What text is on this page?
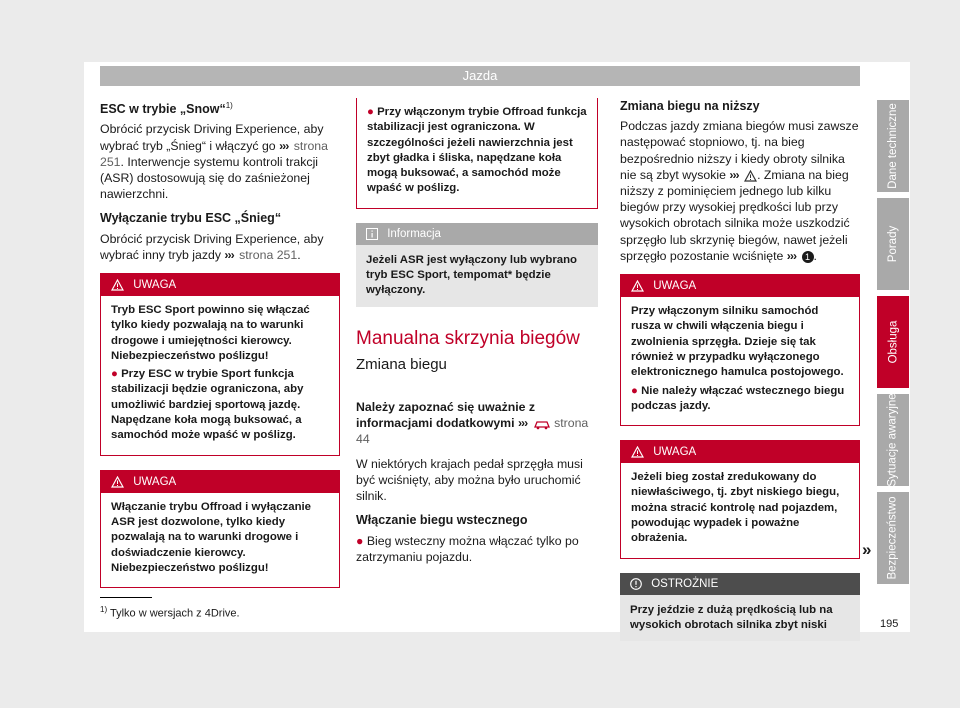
Jazda
ESC w trybie „Snow“$^{1)}$

Obrócić przycisk Driving Experience, aby wybrać tryb „Śnieg“ i włączyć go ››› strona 251. Interwencje systemu kontroli trakcji (ASR) dostosowują się do zaśnieżonej nawierzchni.

Wyłączanie trybu ESC „Śnieg“

Obrócić przycisk Driving Experience, aby wybrać inny tryb jazdy ››› strona 251.

UWAGA

Tryb ESC Sport powinno się włączać tylko kiedy pozwalają na to warunki drogowe i umiejętności kierowcy. Niebezpieczeństwo poślizgu!

● Przy ESC w trybie Sport funkcja stabilizacji będzie ograniczona, aby umożliwić bardziej sportową jazdę. Napędzane koła mogą buksować, a samochód może wpaść w poślizg.

UWAGA

Włączanie trybu Offroad i wyłączanie ASR jest dozwolone, tylko kiedy pozwalają na to warunki drogowe i doświadczenie kierowcy. Niebezpieczeństwo poślizgu!

● Przy włączonym trybie Offroad funkcja stabilizacji jest ograniczona. W szczególności jeżeli nawierzchnia jest zbyt gładka i śliska, napędzane koła mogą buksować, a samochód może wpaść w poślizg.

Informacja
Jeżeli ASR jest wyłączony lub wybrano tryb ESC Sport, tempomat* będzie wyłączony.
Manualna skrzynia biegów
Zmiana biegu

Należy zapoznać się uważnie z informacjami dodatkowymi ››› strona 44

W niektórych krajach pedał sprzęgła musi być wciśnięty, aby można było uruchomić silnik.

Włączanie biegu wstecznego

● Bieg wsteczny można włączać tylko po zatrzymaniu pojazdu.

Zmiana biegu na niższy

Podczas jazdy zmiana biegów musi zawsze następować stopniowo, tj. na bieg bezpośrednio niższy i kiedy obroty silnika nie są zbyt wysokie ››› . Zmiana na bieg niższy z pominięciem jednego lub kilku biegów przy wysokiej prędkości lub przy wysokich obrotach silnika może uszkodzić sprzęgło lub skrzynię biegów, nawet jeżeli sprzęgło pozostanie wciśnięte ››› 1 .

UWAGA

Przy włączonym silniku samochód rusza w chwili włączenia biegu i zwolnienia sprzęgła. Dzieje się tak również w przypadku wyłączonego elektronicznego hamulca postojowego.

● Nie należy włączać wstecznego biegu podczas jazdy.

UWAGA

Jeżeli bieg został zredukowany do niewłaściwego, tj. zbyt niskiego biegu, można stracić kontrolę nad pojazdem, powodując wypadek i poważne obrażenia.

OSTROŻNIE
Przy jeździe z dużą prędkością lub na wysokich obrotach silnika zbyt niski
»
Dane techniczne
Porady
Obsługa
Sytuacje awaryjne
Bezpieczeństwo
$^{1)}$ Tylko w wersjach z 4Drive.
195
